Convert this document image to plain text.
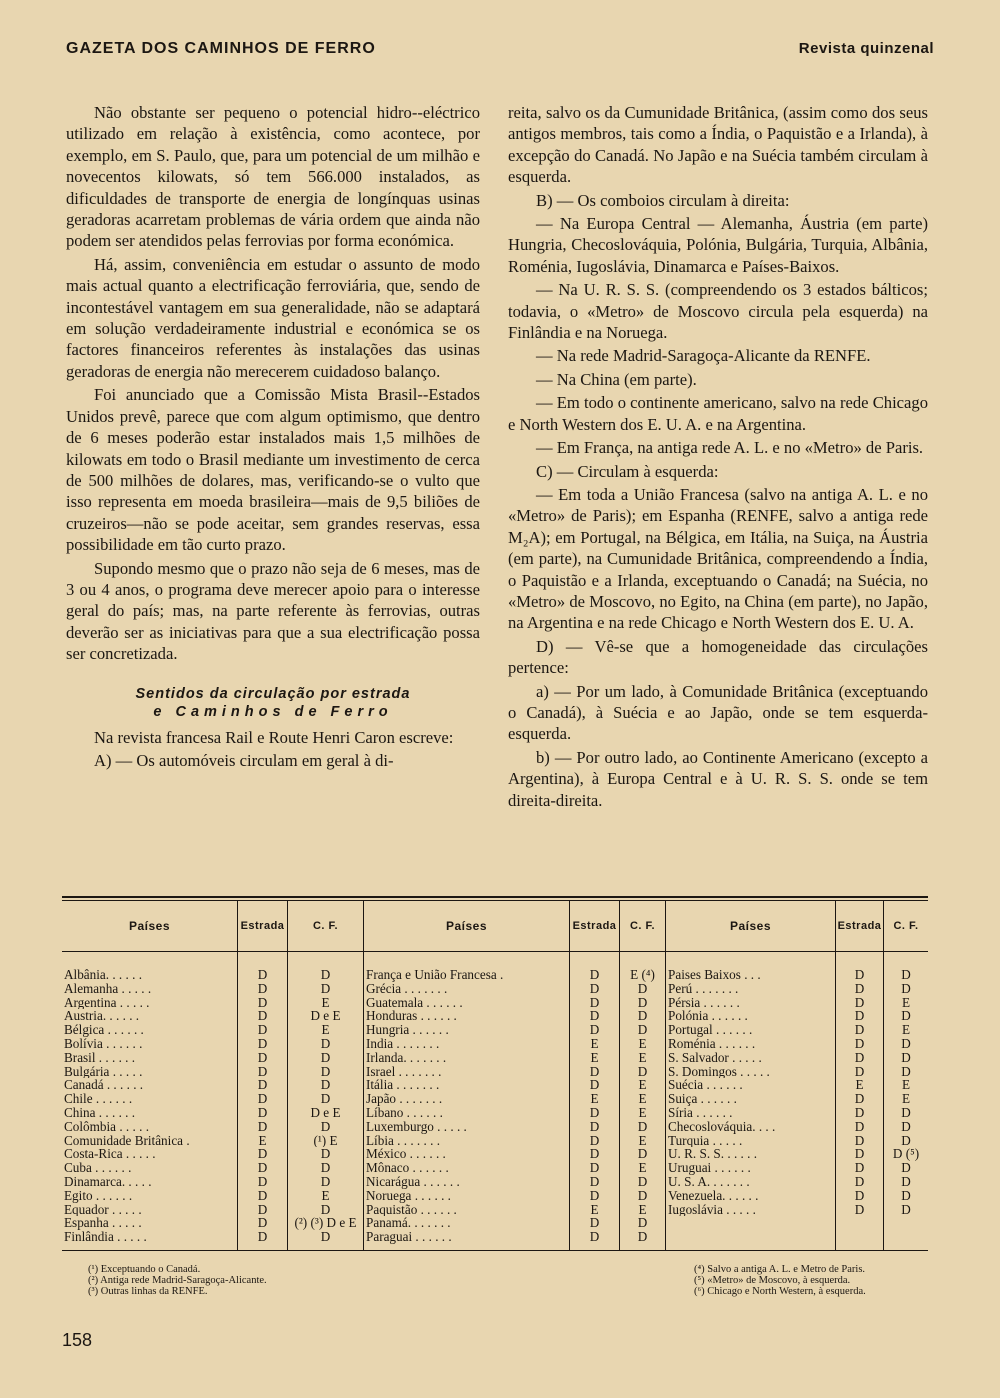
GAZETA DOS CAMINHOS DE FERRO	Revista quinzenal

Não obstante ser pequeno o potencial hidro--eléctrico utilizado em relação à existência, como acontece, por exemplo, em S. Paulo, que, para um potencial de um milhão e novecentos kilowats, só tem 566.000 instalados, as dificuldades de transporte de energia de longínquas usinas geradoras acarretam problemas de vária ordem que ainda não podem ser atendidos pelas ferrovias por forma económica.

Há, assim, conveniência em estudar o assunto de modo mais actual quanto a electrificação ferroviária, que, sendo de incontestável vantagem em sua generalidade, não se adaptará em solução verdadeiramente industrial e económica se os factores financeiros referentes às instalações das usinas geradoras de energia não merecerem cuidadoso balanço.

Foi anunciado que a Comissão Mista Brasil--Estados Unidos prevê, parece que com algum optimismo, que dentro de 6 meses poderão estar instalados mais 1,5 milhões de kilowats em todo o Brasil mediante um investimento de cerca de 500 milhões de dolares, mas, verificando-se o vulto que isso representa em moeda brasileira—mais de 9,5 biliões de cruzeiros—não se pode aceitar, sem grandes reservas, essa possibilidade em tão curto prazo.

Supondo mesmo que o prazo não seja de 6 meses, mas de 3 ou 4 anos, o programa deve merecer apoio para o interesse geral do país; mas, na parte referente às ferrovias, outras deverão ser as iniciativas para que a sua electrificação possa ser concretizada.

Sentidos da circulação por estrada
e Caminhos de Ferro

Na revista francesa Rail e Route Henri Caron escreve:

A) — Os automóveis circulam em geral à di-

reita, salvo os da Cumunidade Britânica, (assim como dos seus antigos membros, tais como a Índia, o Paquistão e a Irlanda), à excepção do Canadá. No Japão e na Suécia também circulam à esquerda.

B) — Os comboios circulam à direita:

— Na Europa Central — Alemanha, Áustria (em parte) Hungria, Checoslováquia, Polónia, Bulgária, Turquia, Albânia, Roménia, Iugoslávia, Dinamarca e Países-Baixos.

— Na U. R. S. S. (compreendendo os 3 estados bálticos; todavia, o «Metro» de Moscovo circula pela esquerda) na Finlândia e na Noruega.

— Na rede Madrid-Saragoça-Alicante da RENFE.

— Na China (em parte).

— Em todo o continente americano, salvo na rede Chicago e North Western dos E. U. A. e na Argentina.

— Em França, na antiga rede A. L. e no «Metro» de Paris.

C) — Circulam à esquerda:

— Em toda a União Francesa (salvo na antiga A. L. e no «Metro» de Paris); em Espanha (RENFE, salvo a antiga rede M₂A); em Portugal, na Bélgica, em Itália, na Suiça, na Áustria (em parte), na Cumunidade Britânica, compreendendo a Índia, o Paquistão e a Irlanda, exceptuando o Canadá; na Suécia, no «Metro» de Moscovo, no Egito, na China (em parte), no Japão, na Argentina e na rede Chicago e North Western dos E. U. A.

D) — Vê-se que a homogeneidade das circulações pertence:

a) — Por um lado, à Comunidade Britânica (exceptuando o Canadá), à Suécia e ao Japão, onde se tem esquerda-esquerda.

b) — Por outro lado, ao Continente Americano (excepto a Argentina), à Europa Central e à U. R. S. S. onde se tem direita-direita.

Países
Albânia. . . . . .
Alemanha . . . . .
Argentina . . . . .
Austria. . . . . .
Bélgica . . . . . .
Bolívia . . . . . .
Brasil . . . . . .
Bulgária . . . . .
Canadá . . . . . .
Chile . . . . . .
China . . . . . .
Colômbia . . . . .
Comunidade Britânica .
Costa-Rica . . . . .
Cuba . . . . . .
Dinamarca. . . . .
Egito . . . . . .
Equador . . . . .
Espanha . . . . .
Finlândia . . . . .
Estrada
D
D
D
D
D
D
D
D
D
D
D
D
E
D
D
D
D
D
D
D
C. F.
D
D
E
D e E
E
D
D
D
D
D
D e E
D
(¹) E
D
D
D
E
D
(²) (³) D e E
D
Países
França e União Francesa .
Grécia . . . . . . .
Guatemala . . . . . .
Honduras . . . . . .
Hungria . . . . . .
India . . . . . . .
Irlanda. . . . . . .
Israel . . . . . . .
Itália . . . . . . .
Japão . . . . . . .
Líbano . . . . . .
Luxemburgo . . . . .
Líbia . . . . . . .
México . . . . . .
Mônaco . . . . . .
Nicarágua . . . . . .
Noruega . . . . . .
Paquistão . . . . . .
Panamá. . . . . . .
Paraguai . . . . . .
Estrada
D
D
D
D
D
E
E
D
D
E
D
D
D
D
D
D
D
E
D
D
C. F.
E (⁴)
D
D
D
D
E
E
D
E
E
E
D
E
D
E
D
D
E
D
D
Países
Paises Baixos . . .
Perú . . . . . . .
Pérsia . . . . . .
Polónia . . . . . .
Portugal . . . . . .
Roménia . . . . . .
S. Salvador . . . . .
S. Domingos . . . . .
Suécia . . . . . .
Suiça . . . . . .
Síria . . . . . .
Checoslováquia. . . .
Turquia . . . . .
U. R. S. S. . . . . .
Uruguai . . . . . .
U. S. A. . . . . . .
Venezuela. . . . . .
Iugoslávia . . . . .
Estrada
D
D
D
D
D
D
D
D
E
D
D
D
D
D
D
D
D
D
C. F.
D
D
E
D
E
D
D
D
E
E
D
D
D
D (⁵)
D
D
D
D
(¹) Exceptuando o Canadá.
(²) Antiga rede Madrid-Saragoça-Alicante.
(³) Outras linhas da RENFE.
(⁴) Salvo a antiga A. L. e Metro de Paris.
(⁵) «Metro» de Moscovo, à esquerda.
(⁶) Chicago e North Western, à esquerda.
158
